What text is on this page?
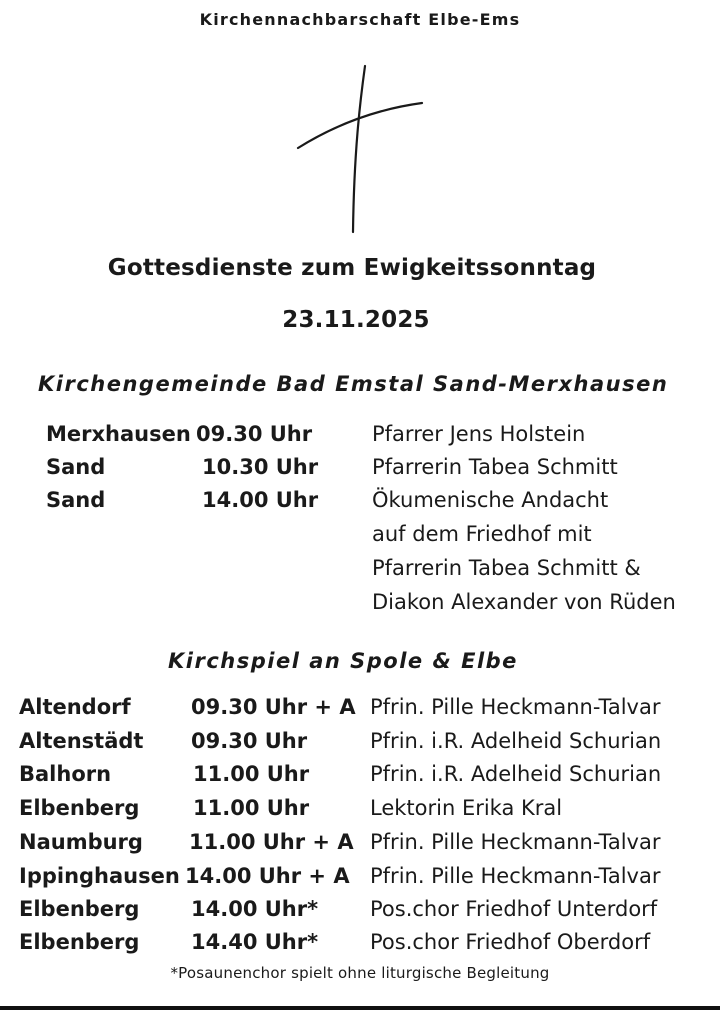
Kirchennachbarschaft Elbe-Ems
Gottesdienste zum Ewigkeitssonntag
23.11.2025
Kirchengemeinde Bad Emstal Sand-Merxhausen
Merxhausen 09.30 Uhr	Pfarrer Jens Holstein
Sand	10.30 Uhr	Pfarrerin Tabea Schmitt
Sand	14.00 Uhr	Ökumenische Andacht
auf dem Friedhof mit
Pfarrerin Tabea Schmitt &
Diakon Alexander von Rüden
Kirchspiel an Spole & Elbe
Altendorf	09.30 Uhr + A Pfrin. Pille Heckmann-Talvar
Altenstädt 09.30 Uhr	Pfrin. i.R. Adelheid Schurian
Balhorn	11.00 Uhr	Pfrin. i.R. Adelheid Schurian
Elbenberg	11.00 Uhr	Lektorin Erika Kral
Naumburg 11.00 Uhr + A Pfrin. Pille Heckmann-Talvar
Ippinghausen 14.00 Uhr + A Pfrin. Pille Heckmann-Talvar
Elbenberg 14.00 Uhr* Pos.chor Friedhof Unterdorf
Elbenberg 14.40 Uhr* Pos.chor Friedhof Oberdorf
*Posaunenchor spielt ohne liturgische Begleitung
